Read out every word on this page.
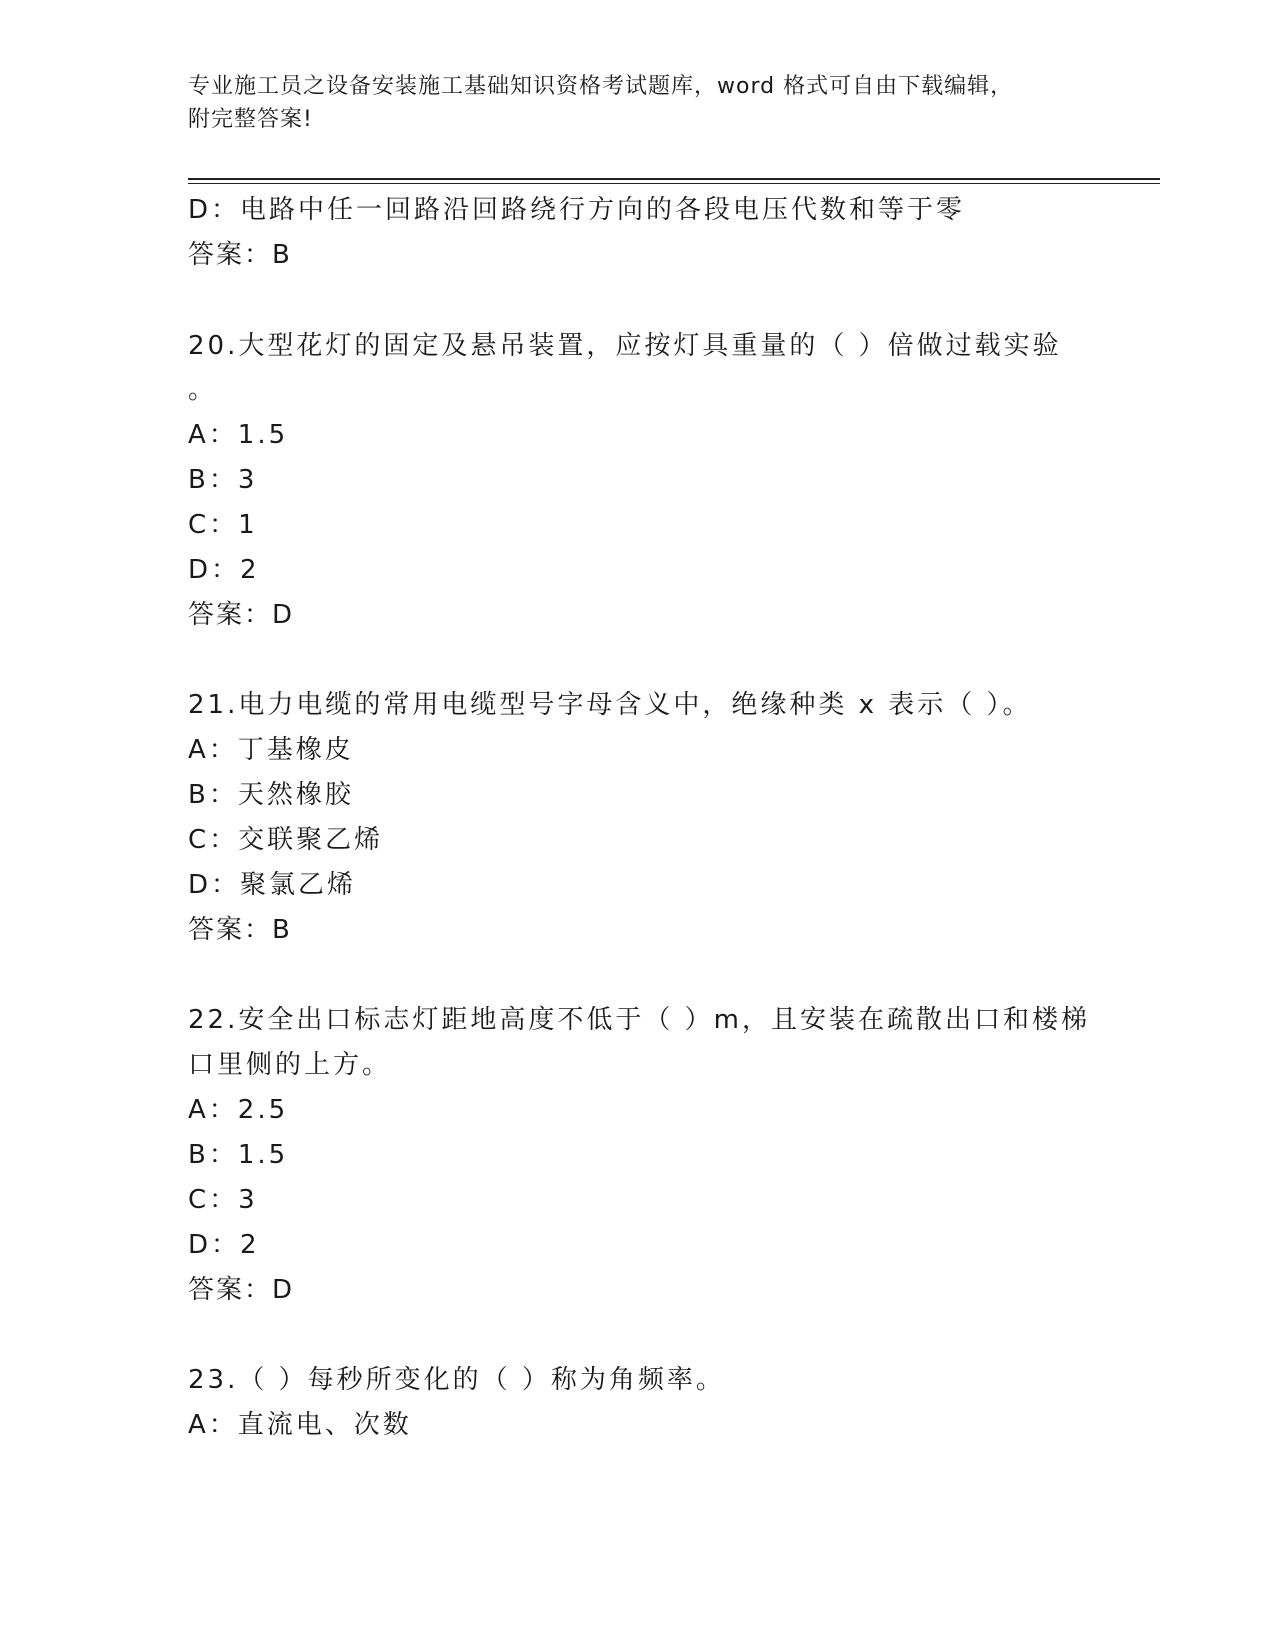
专业施工员之设备安装施工基础知识资格考试题库，word 格式可自由下载编辑，
附完整答案!
D：电路中任一回路沿回路绕行方向的各段电压代数和等于零
答案：B
20.大型花灯的固定及悬吊装置，应按灯具重量的（ ）倍做过载实验
。
A：1.5
B：3
C：1
D：2
答案：D
21.电力电缆的常用电缆型号字母含义中，绝缘种类 x 表示（ ）。
A：丁基橡皮
B：天然橡胶
C：交联聚乙烯
D：聚氯乙烯
答案：B
22.安全出口标志灯距地高度不低于（ ）m，且安装在疏散出口和楼梯
口里侧的上方。
A：2.5
B：1.5
C：3
D：2
答案：D
23.（ ）每秒所变化的（ ）称为角频率。
A：直流电、次数
